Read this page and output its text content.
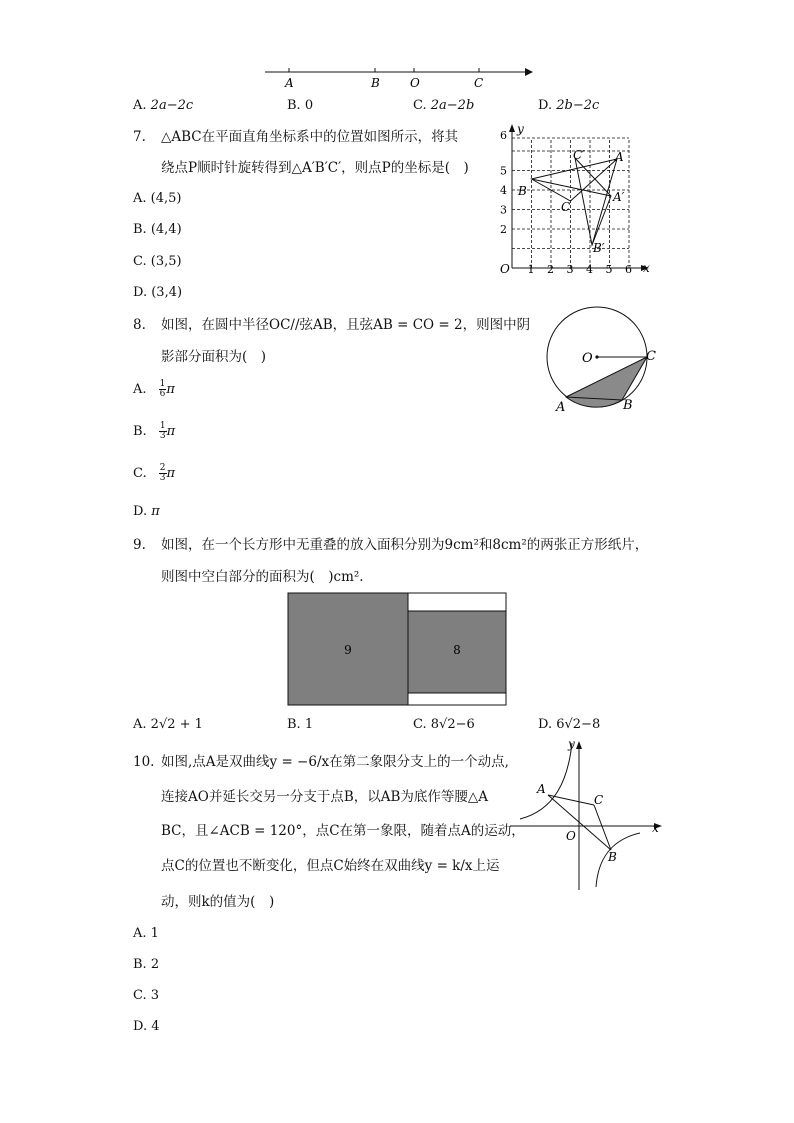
A	B	O	C
A. 2a−2c	B. 0	C. 2a−2b	D. 2b−2c
7. △ABC在平面直角坐标系中的位置如图所示，将其
绕点P顺时针旋转得到△A′B′C′，则点P的坐标是(　)
A. (4,5)
B. (4,4)
C. (3,5)
D. (3,4)
y
x
O 1 2 3 4 5 6
2
3
4
5
6
A
B
C
A′
B′
C′
8. 如图，在圆中半径OC//弦AB，且弦AB = CO = 2，则图中阴
影部分面积为(　)
A. $\frac{1}{6}\pi$
B. $\frac{1}{3}\pi$
C. $\frac{2}{3}\pi$
D. π
O	C
A	B
9. 如图，在一个长方形中无重叠的放入面积分别为9cm²和8cm²的两张正方形纸片，
则图中空白部分的面积为(　)cm².
9	8
A. 2√2 + 1	B. 1	C. 8√2−6	D. 6√2−8
10. 如图,点A是双曲线y = −6/x在第二象限分支上的一个动点,
连接AO并延长交另一分支于点B，以AB为底作等腰△A
BC，且∠ACB = 120°，点C在第一象限，随着点A的运动，
点C的位置也不断变化，但点C始终在双曲线y = k/x上运
动，则k的值为(　)
A. 1
B. 2
C. 3
D. 4
y
x
O
A
C
B
